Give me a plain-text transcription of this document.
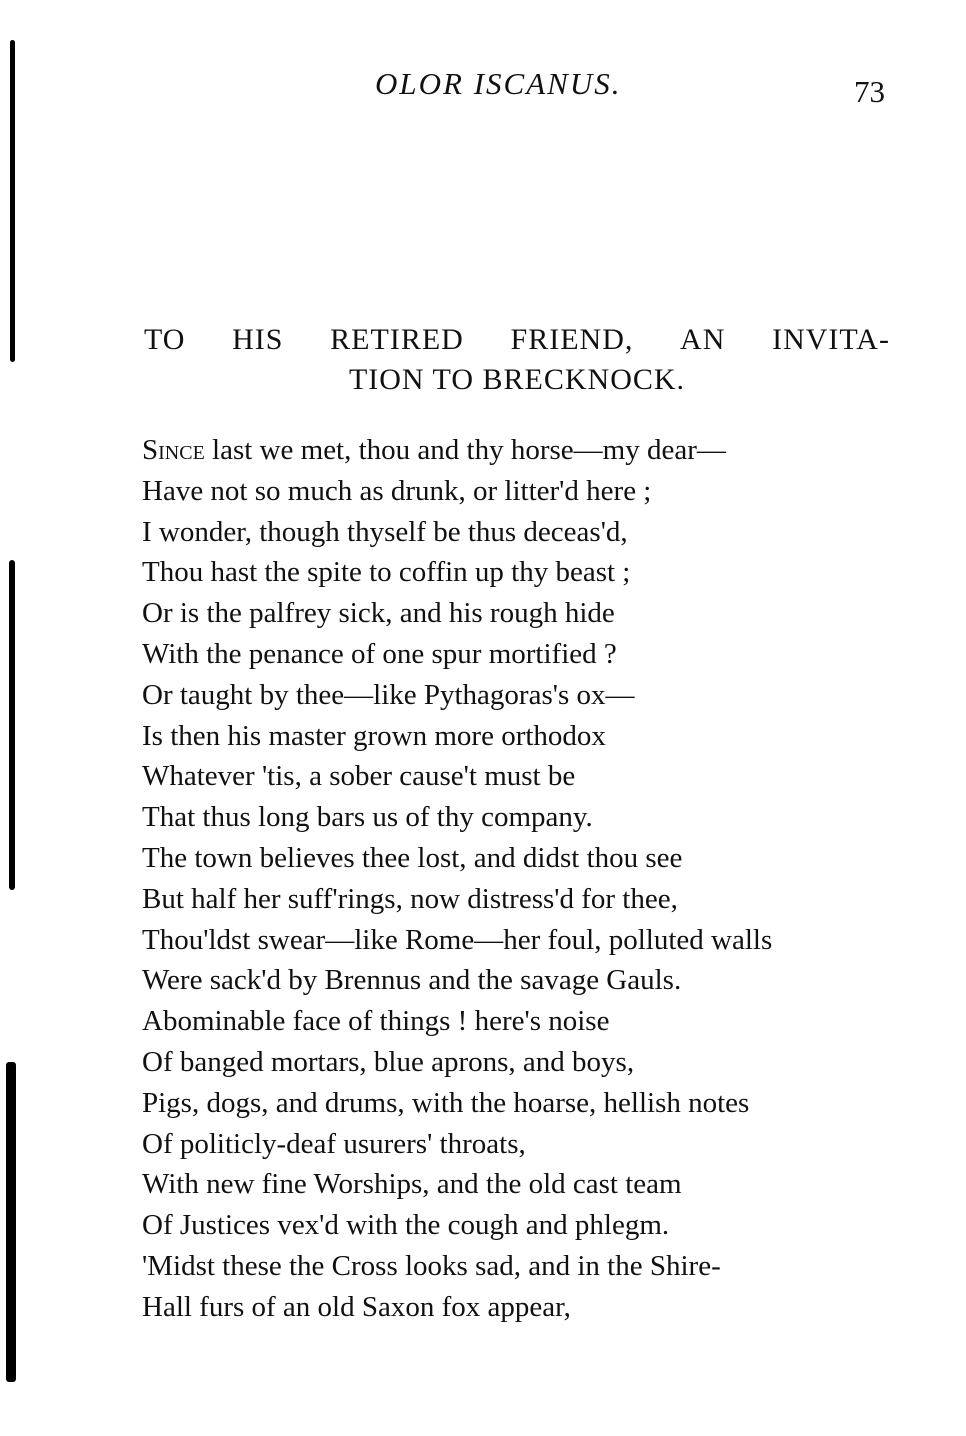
OLOR ISCANUS.	73
TO HIS RETIRED FRIEND, AN INVITA-
TION TO BRECKNOCK.
Since last we met, thou and thy horse—my dear—
Have not so much as drunk, or litter'd here ;
I wonder, though thyself be thus deceas'd,
Thou hast the spite to coffin up thy beast ;
Or is the palfrey sick, and his rough hide
With the penance of one spur mortified ?
Or taught by thee—like Pythagoras's ox—
Is then his master grown more orthodox
Whatever 'tis, a sober cause't must be
That thus long bars us of thy company.
The town believes thee lost, and didst thou see
But half her suff'rings, now distress'd for thee,
Thou'ldst swear—like Rome—her foul, polluted walls
Were sack'd by Brennus and the savage Gauls.
Abominable face of things ! here's noise
Of banged mortars, blue aprons, and boys,
Pigs, dogs, and drums, with the hoarse, hellish notes
Of politicly-deaf usurers' throats,
With new fine Worships, and the old cast team
Of Justices vex'd with the cough and phlegm.
'Midst these the Cross looks sad, and in the Shire-
Hall furs of an old Saxon fox appear,
